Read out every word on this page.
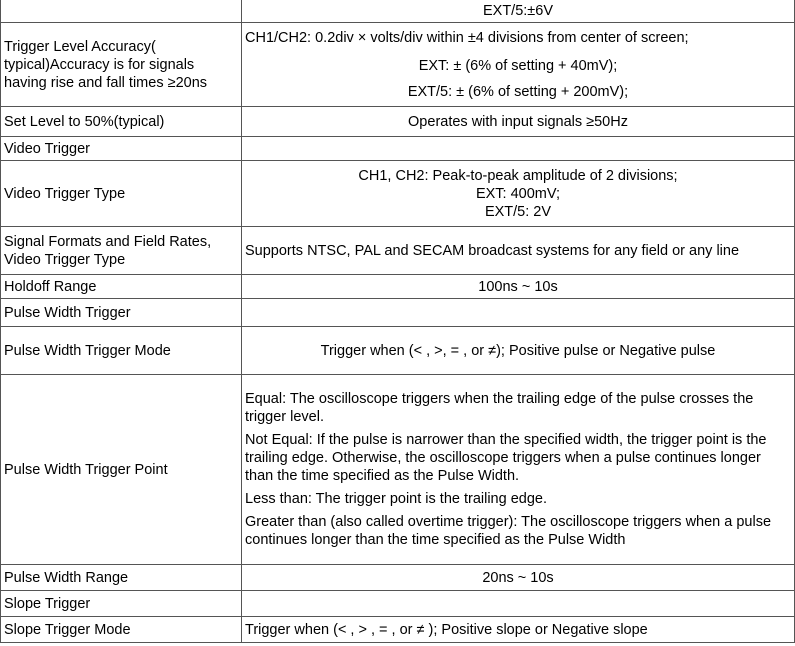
	EXT/5:±6V
Trigger Level Accuracy( typical)Accuracy is for signals having rise and fall times ≥20ns	CH1/CH2: 0.2div × volts/div within ±4 divisions from center of screen;

EXT: ± (6% of setting + 40mV);

EXT/5: ± (6% of setting + 200mV);

Set Level to 50%(typical)	Operates with input signals ≥50Hz
Video Trigger	
Video Trigger Type	CH1, CH2: Peak-to-peak amplitude of 2 divisions;

EXT: 400mV;

EXT/5: 2V

Signal Formats and Field Rates, Video Trigger Type	Supports NTSC, PAL and SECAM broadcast systems for any field or any line
Holdoff Range	100ns ~ 10s
Pulse Width Trigger	
Pulse Width Trigger Mode	Trigger when (< , >, = , or ≠); Positive pulse or Negative pulse
Pulse Width Trigger Point	Equal: The oscilloscope triggers when the trailing edge of the pulse crosses the trigger level.

Not Equal: If the pulse is narrower than the specified width, the trigger point is the trailing edge. Otherwise, the oscilloscope triggers when a pulse continues longer than the time specified as the Pulse Width.

Less than: The trigger point is the trailing edge.

Greater than (also called overtime trigger): The oscilloscope triggers when a pulse continues longer than the time specified as the Pulse Width

Pulse Width Range	20ns ~ 10s
Slope Trigger	
Slope Trigger Mode	Trigger when (< , > , = , or ≠ ); Positive slope or Negative slope
